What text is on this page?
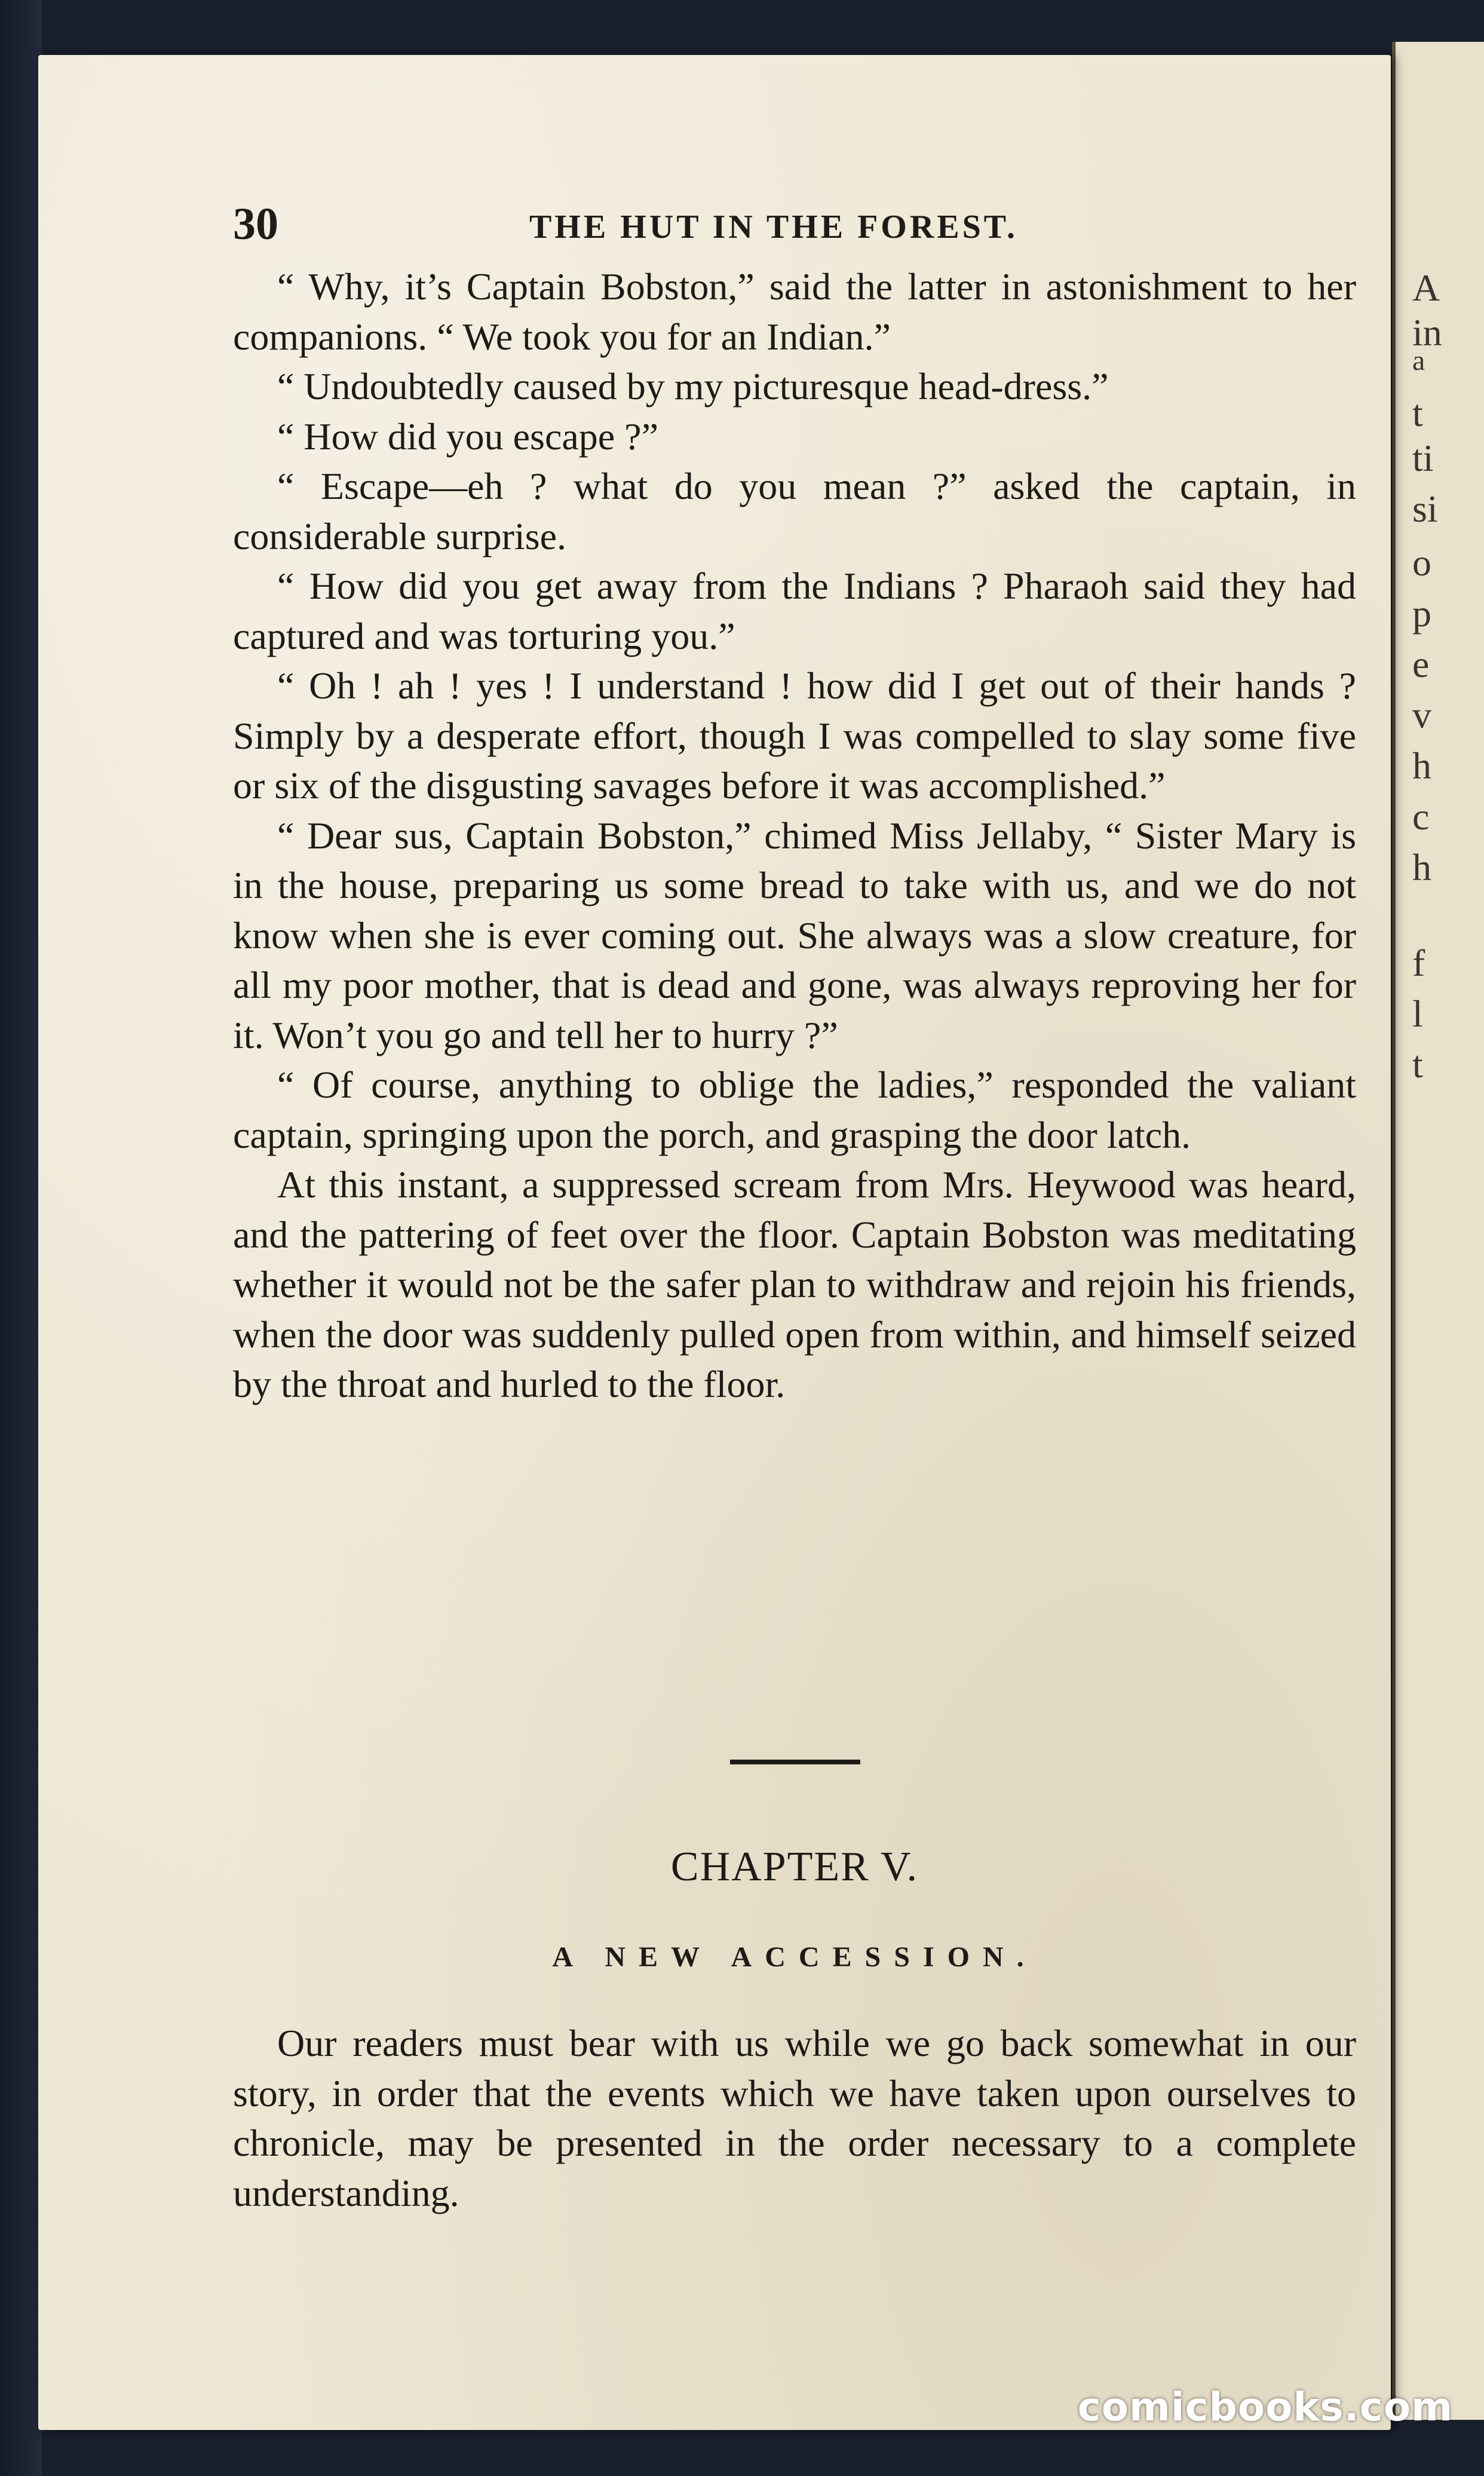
A
in
a
t
ti
si
o
p
e
v
h
c
h
f
l
t
30	THE HUT IN THE FOREST.

“ Why, it’s Captain Bobston,” said the latter in astonishment to her companions. “ We took you for an Indian.”

“ Undoubtedly caused by my picturesque head-dress.”

“ How did you escape ?”

“ Escape—eh ? what do you mean ?” asked the captain, in considerable surprise.

“ How did you get away from the Indians ? Pharaoh said they had captured and was torturing you.”

“ Oh ! ah ! yes ! I understand ! how did I get out of their hands ? Simply by a desperate effort, though I was compelled to slay some five or six of the disgusting savages before it was accomplished.”

“ Dear sus, Captain Bobston,” chimed Miss Jellaby, “ Sister Mary is in the house, preparing us some bread to take with us, and we do not know when she is ever coming out. She always was a slow creature, for all my poor mother, that is dead and gone, was always reproving her for it. Won’t you go and tell her to hurry ?”

“ Of course, anything to oblige the ladies,” responded the valiant captain, springing upon the porch, and grasping the door latch.

At this instant, a suppressed scream from Mrs. Heywood was heard, and the pattering of feet over the floor. Captain Bobston was meditating whether it would not be the safer plan to withdraw and rejoin his friends, when the door was suddenly pulled open from within, and himself seized by the throat and hurled to the floor.

CHAPTER V.
A NEW ACCESSION.

Our readers must bear with us while we go back somewhat in our story, in order that the events which we have taken upon ourselves to chronicle, may be presented in the order necessary to a complete understanding.

comicbooks.com
